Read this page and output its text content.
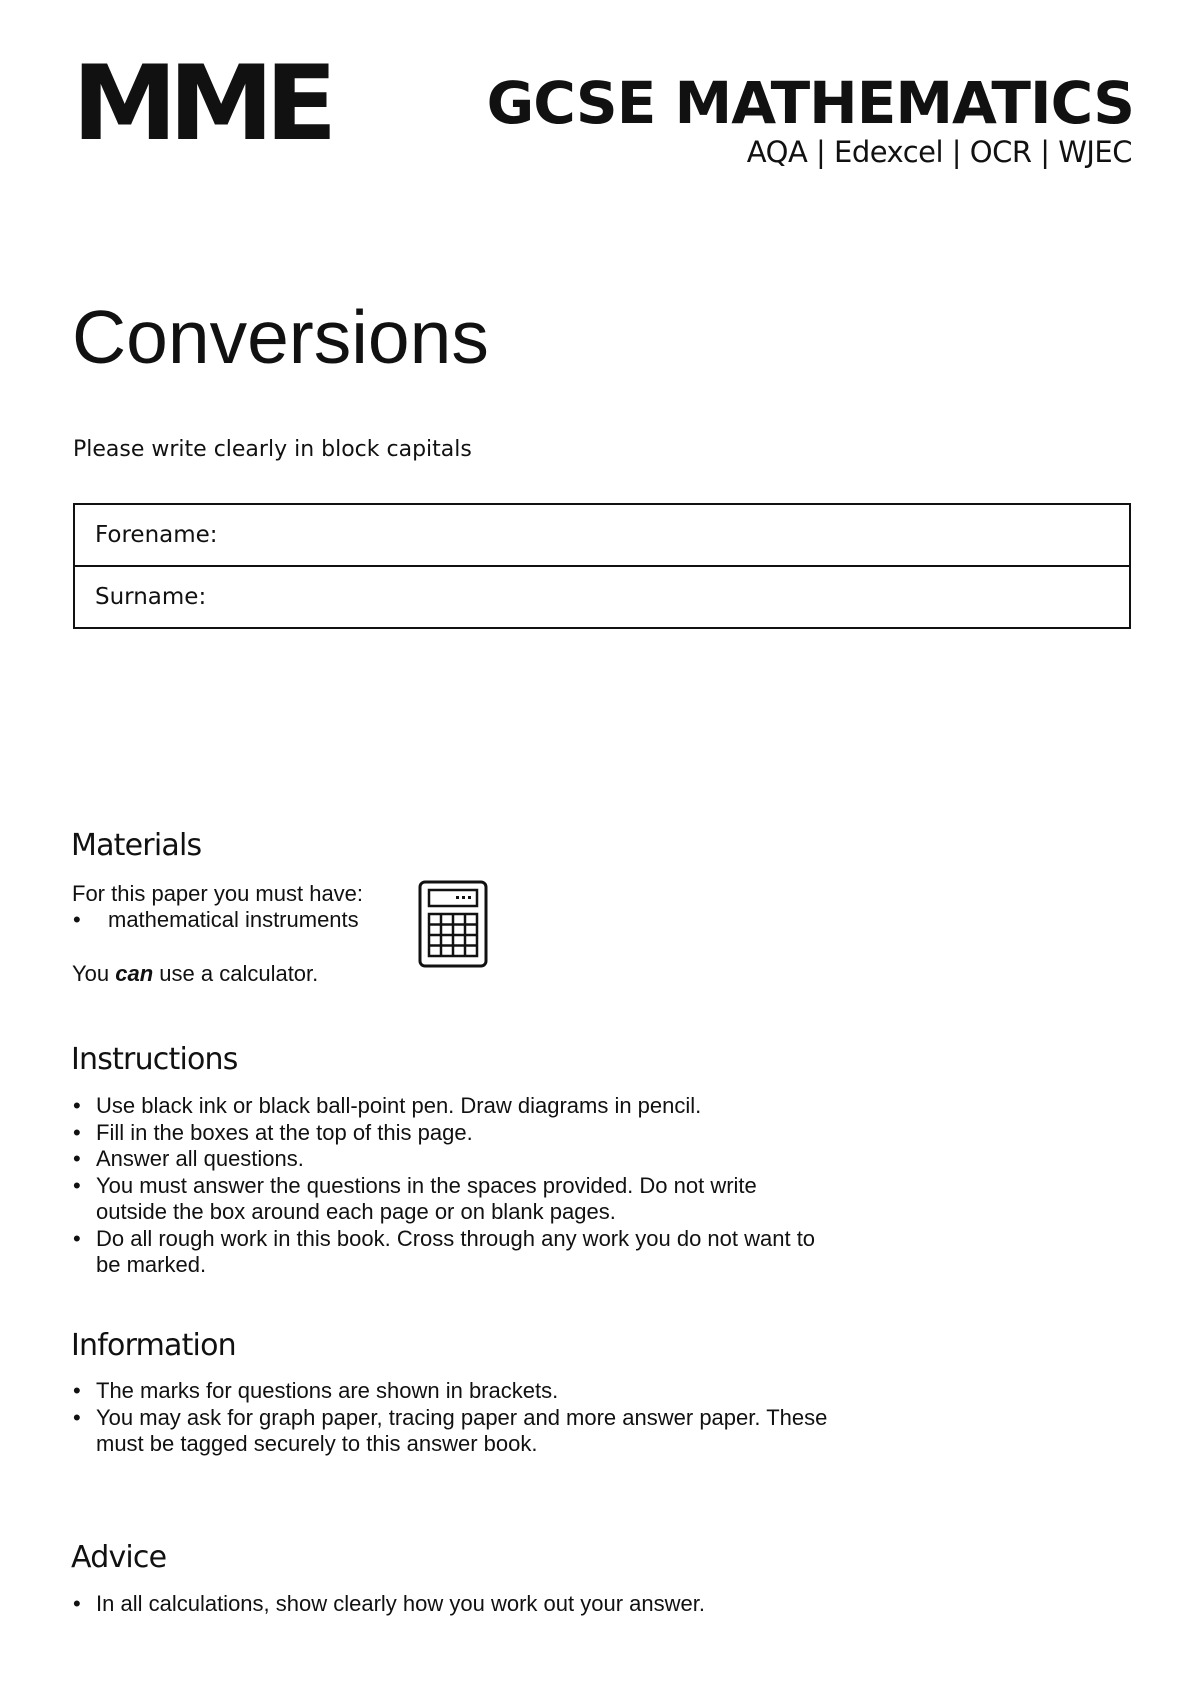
MME	GCSE MATHEMATICS
AQA | Edexcel | OCR | WJEC
Conversions
Please write clearly in block capitals
Forename:
Surname:
Materials
For this paper you must have:
• mathematical instruments
You can use a calculator.
Instructions
• Use black ink or black ball-point pen. Draw diagrams in pencil.
• Fill in the boxes at the top of this page.
• Answer all questions.
• You must answer the questions in the spaces provided. Do not write outside the box around each page or on blank pages.
• Do all rough work in this book. Cross through any work you do not want to be marked.
Information
• The marks for questions are shown in brackets.
• You may ask for graph paper, tracing paper and more answer paper. These must be tagged securely to this answer book.
Advice
• In all calculations, show clearly how you work out your answer.
